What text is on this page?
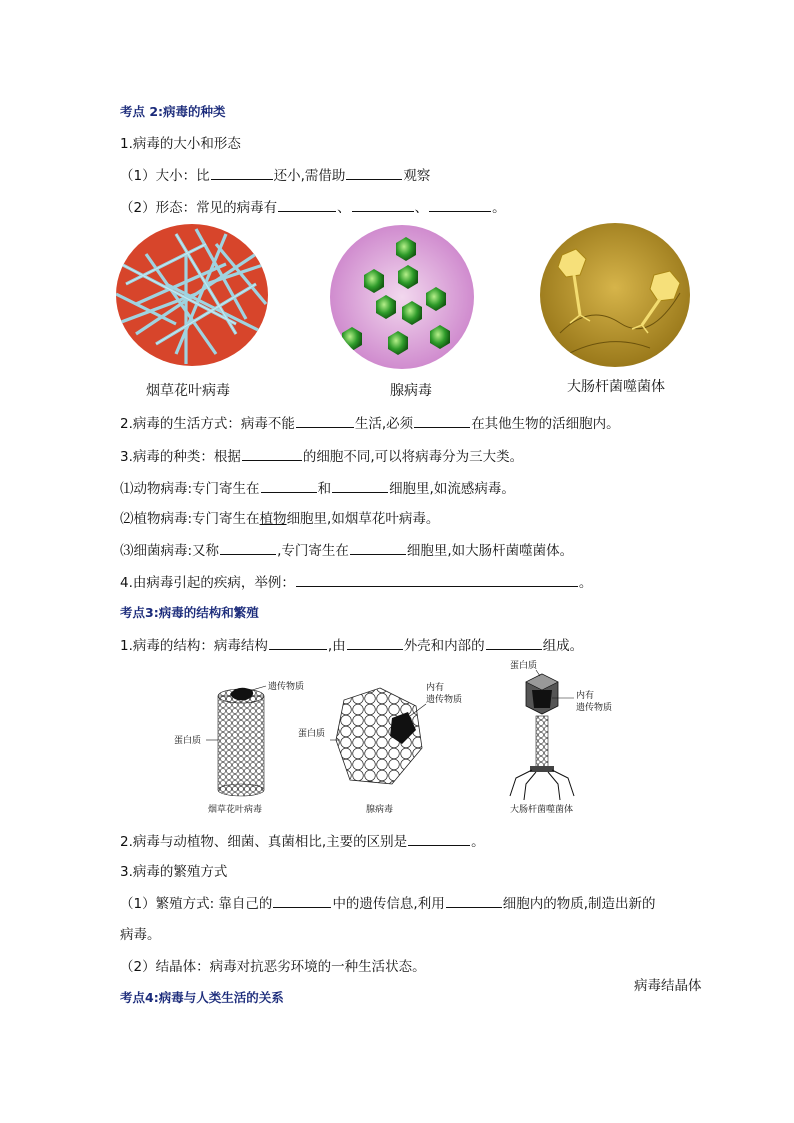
考点 2:病毒的种类
1.病毒的大小和形态
（1）大小：比	还小,需借助	观察
（2）形态：常见的病毒有	、	、	。
烟草花叶病毒	腺病毒	大肠杆菌噬菌体
2.病毒的生活方式：病毒不能	生活,必须	在其他生物的活细胞内。
3.病毒的种类：根据	的细胞不同,可以将病毒分为三大类。
⑴动物病毒:专门寄生在	和	细胞里,如流感病毒。
⑵植物病毒:专门寄生在植物细胞里,如烟草花叶病毒。
⑶细菌病毒:又称	,专门寄生在	细胞里,如大肠杆菌噬菌体。
4.由病毒引起的疾病，举例：	。
考点3:病毒的结构和繁殖
1.病毒的结构：病毒结构	,由	外壳和内部的	组成。
遗传物质
蛋白质
烟草花叶病毒
内有
遗传物质
蛋白质
腺病毒
蛋白质
内有
遗传物质
大肠杆菌噬菌体
2.病毒与动植物、细菌、真菌相比,主要的区别是	。
3.病毒的繁殖方式
（1）繁殖方式: 靠自己的	中的遗传信息,利用	细胞内的物质,制造出新的
病毒。
（2）结晶体：病毒对抗恶劣环境的一种生活状态。
病毒结晶体
考点4:病毒与人类生活的关系
